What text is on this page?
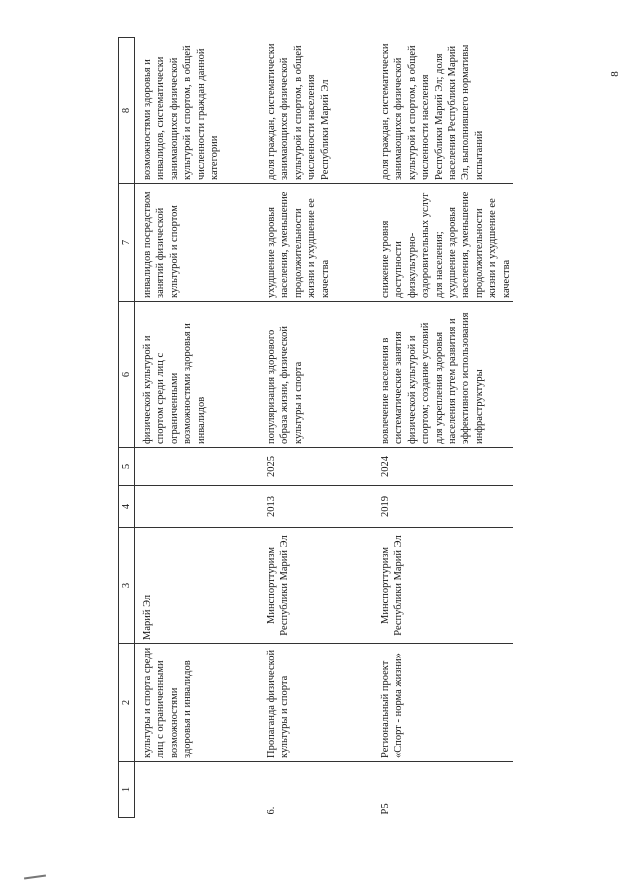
8
1	2	3	4	5	6	7	8
	культуры и спорта среди лиц с ограниченными возможностями здоровья и инвалидов	Марий Эл			физической культурой и спортом среди лиц с ограниченными возможностями здоровья и инвалидов	инвалидов посредством занятий физической культурой и спортом	возможностями здоровья и инвалидов, систематически занимающихся физической культурой и спортом, в общей численности граждан данной категории
6.	Пропаганда физической культуры и спорта	Минспорттуризм Республики Марий Эл	2013	2025	популяризация здорового образа жизни, физической культуры и спорта	ухудшение здоровья населения, уменьшение продолжительности жизни и ухудшение ее качества	доля граждан, систематически занимающихся физической культурой и спортом, в общей численности населения Республики Марий Эл
Р5	Региональный проект «Спорт - норма жизни»	Минспорттуризм Республики Марий Эл	2019	2024	вовлечение населения в систематические занятия физической культурой и спортом; создание условий для укрепления здоровья населения путем развития и эффективного использования инфраструктуры	снижение уровня доступности физкультурно-оздоровительных услуг для населения; ухудшение здоровья населения, уменьшение продолжительности жизни и ухудшение ее качества	доля граждан, систематически занимающихся физической культурой и спортом, в общей численности населения Республики Марий Эл; доля населения Республики Марий Эл, выполнившего нормативы испытаний
